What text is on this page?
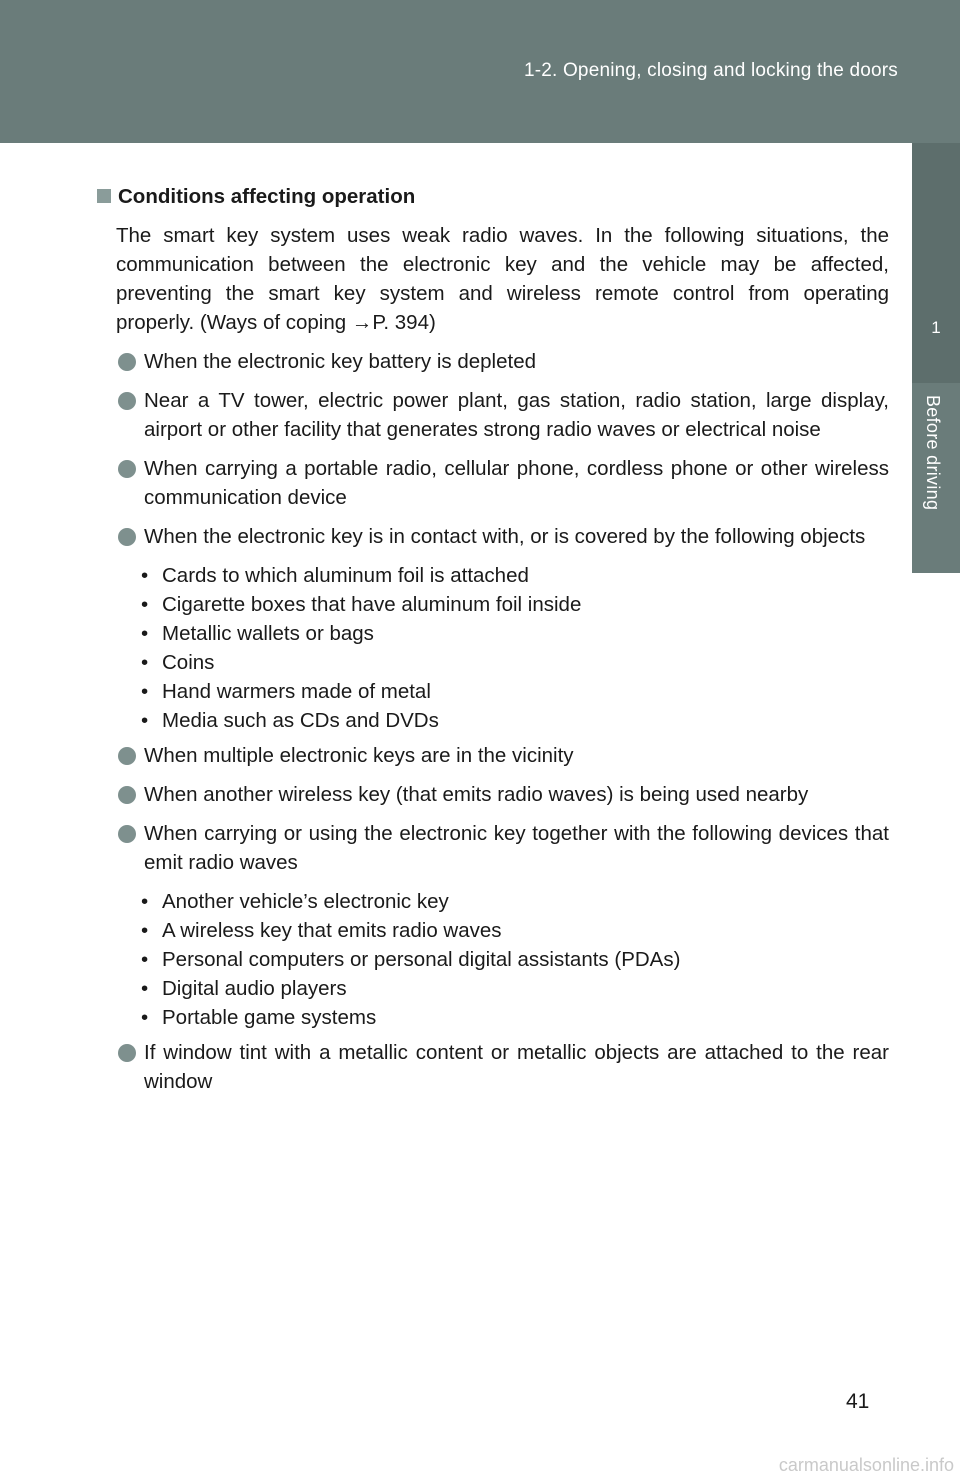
1-2. Opening, closing and locking the doors
1
Before driving
Conditions affecting operation

The smart key system uses weak radio waves. In the following situations, the communication between the electronic key and the vehicle may be affected, preventing the smart key system and wireless remote control from operating properly. (Ways of coping →P. 394)

When the electronic key battery is depleted
Near a TV tower, electric power plant, gas station, radio station, large display, airport or other facility that generates strong radio waves or electrical noise
When carrying a portable radio, cellular phone, cordless phone or other wireless communication device
When the electronic key is in contact with, or is covered by the following objects
• Cards to which aluminum foil is attached
• Cigarette boxes that have aluminum foil inside
• Metallic wallets or bags
• Coins
• Hand warmers made of metal
• Media such as CDs and DVDs
When multiple electronic keys are in the vicinity
When another wireless key (that emits radio waves) is being used nearby
When carrying or using the electronic key together with the following devices that emit radio waves
• Another vehicle’s electronic key
• A wireless key that emits radio waves
• Personal computers or personal digital assistants (PDAs)
• Digital audio players
• Portable game systems
If window tint with a metallic content or metallic objects are attached to the rear window
41
carmanualsonline.info
